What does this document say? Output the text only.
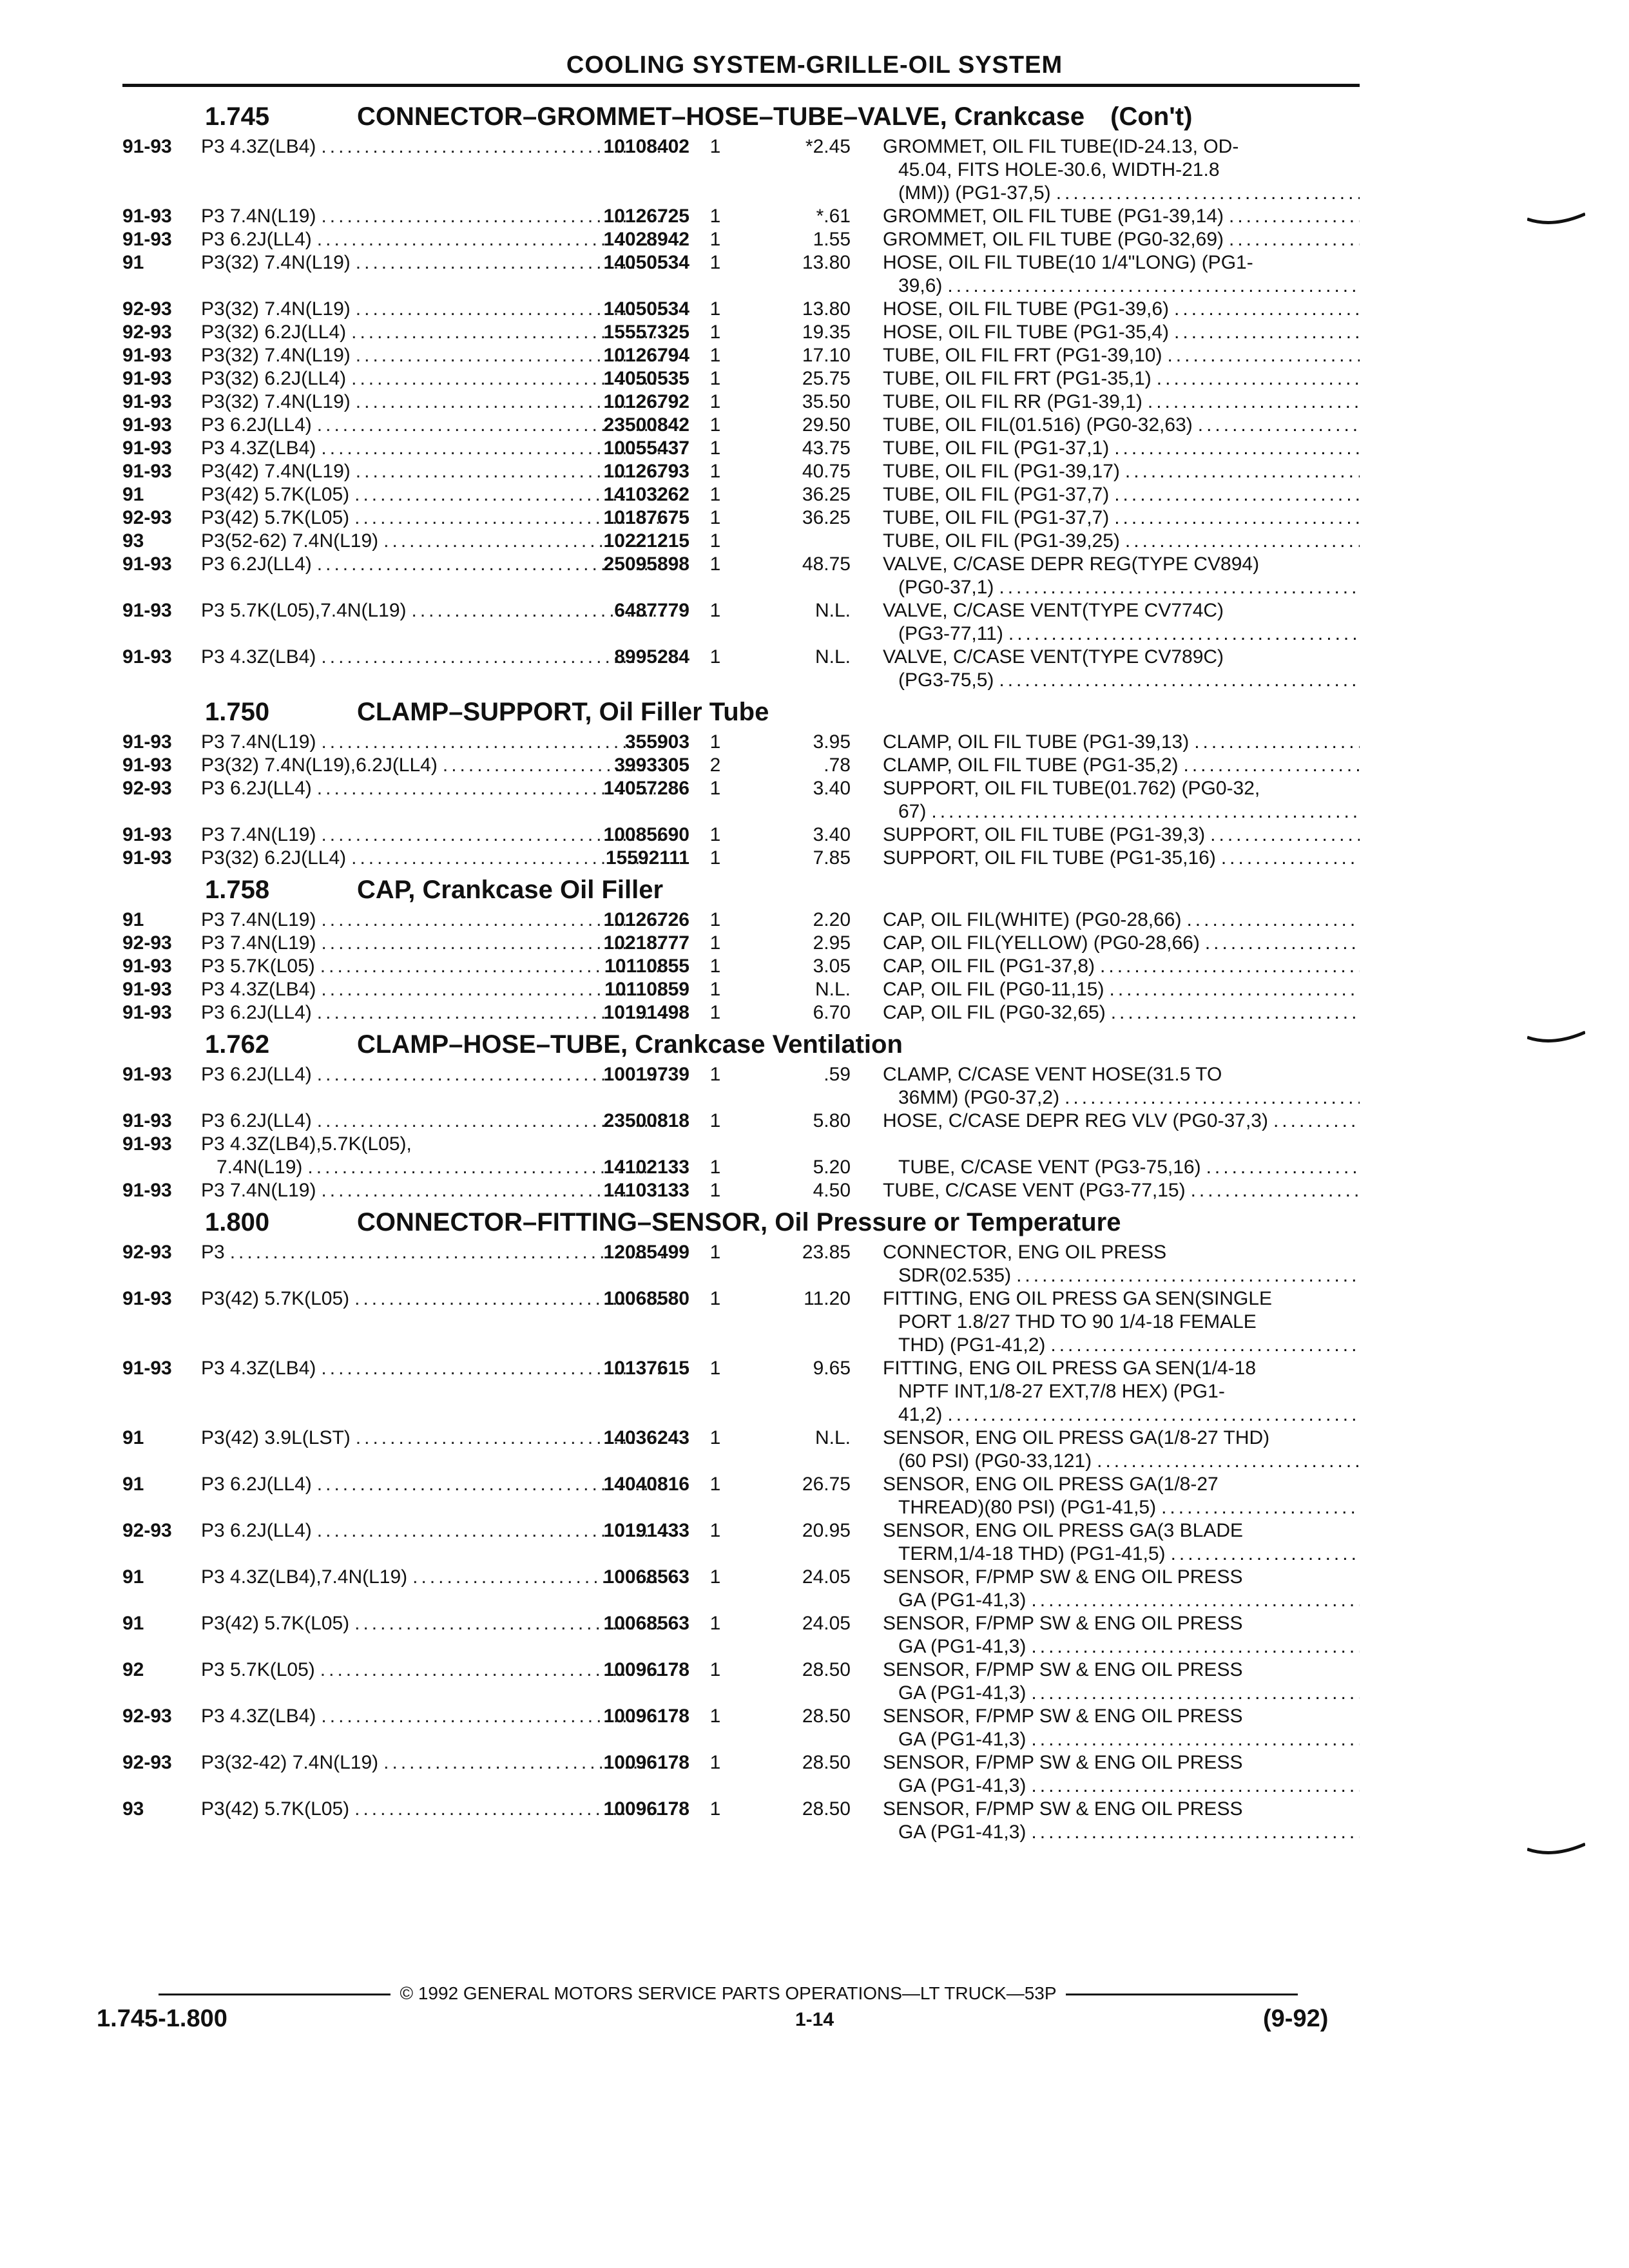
COOLING SYSTEM-GRILLE-OIL SYSTEM
1.745	CONNECTOR–GROMMET–HOSE–TUBE–VALVE, Crankcase (Con't)
91-93 P3 4.3Z(LB4) .....	10108402	1	*2.45 GROMMET, OIL FIL TUBE(ID-24.13, OD-
45.04, FITS HOLE-30.6, WIDTH-21.8
(MM)) (PG1-37,5)
.....
91-93 P3 7.4N(L19) .....	10126725	1	*.61 GROMMET, OIL FIL TUBE (PG1-39,14)
.....
91-93 P3 6.2J(LL4) .....	14028942	1	1.55 GROMMET, OIL FIL TUBE (PG0-32,69)
.....
91	P3(32) 7.4N(L19) .....	14050534	1	13.80 HOSE, OIL FIL TUBE(10 1/4"LONG) (PG1-
39,6)
.....
92-93 P3(32) 7.4N(L19) .....	14050534	1	13.80 HOSE, OIL FIL TUBE (PG1-39,6)
.....
92-93 P3(32) 6.2J(LL4) .....	15557325	1	19.35 HOSE, OIL FIL TUBE (PG1-35,4)
.....
91-93 P3(32) 7.4N(L19) .....	10126794	1	17.10 TUBE, OIL FIL FRT (PG1-39,10)
.....
91-93 P3(32) 6.2J(LL4) .....	14050535	1	25.75 TUBE, OIL FIL FRT (PG1-35,1)
.....
91-93 P3(32) 7.4N(L19) .....	10126792	1	35.50 TUBE, OIL FIL RR (PG1-39,1)
.....
91-93 P3 6.2J(LL4) .....	23500842	1	29.50 TUBE, OIL FIL(01.516) (PG0-32,63)
.....
91-93 P3 4.3Z(LB4) .....	10055437	1	43.75 TUBE, OIL FIL (PG1-37,1)
.....
91-93 P3(42) 7.4N(L19) .....	10126793	1	40.75 TUBE, OIL FIL (PG1-39,17)
.....
91	P3(42) 5.7K(L05) .....	14103262	1	36.25 TUBE, OIL FIL (PG1-37,7)
.....
92-93 P3(42) 5.7K(L05) .....	10187675	1	36.25 TUBE, OIL FIL (PG1-37,7)
.....
93	P3(52-62) 7.4N(L19) .....	10221215	1	TUBE, OIL FIL (PG1-39,25)
.....
91-93 P3 6.2J(LL4) .....	25095898	1	48.75 VALVE, C/CASE DEPR REG(TYPE CV894)
(PG0-37,1)
.....
91-93 P3 5.7K(L05),7.4N(L19) .....	6487779	1	N.L. VALVE, C/CASE VENT(TYPE CV774C)
(PG3-77,11)
.....
91-93 P3 4.3Z(LB4) .....	8995284	1	N.L. VALVE, C/CASE VENT(TYPE CV789C)
(PG3-75,5)
.....
1.750	CLAMP–SUPPORT, Oil Filler Tube
91-93 P3 7.4N(L19) .....	355903	1	3.95 CLAMP, OIL FIL TUBE (PG1-39,13)
.....
91-93 P3(32) 7.4N(L19),6.2J(LL4) .....	3993305	2	.78 CLAMP, OIL FIL TUBE (PG1-35,2)
.....
92-93 P3 6.2J(LL4) .....	14057286	1	3.40 SUPPORT, OIL FIL TUBE(01.762) (PG0-32,
67)
.....
91-93 P3 7.4N(L19) .....	10085690	1	3.40 SUPPORT, OIL FIL TUBE (PG1-39,3)
.....
91-93 P3(32) 6.2J(LL4) .....	15592111	1	7.85 SUPPORT, OIL FIL TUBE (PG1-35,16)
.....
1.758	CAP, Crankcase Oil Filler
91	P3 7.4N(L19) .....	10126726	1	2.20 CAP, OIL FIL(WHITE) (PG0-28,66)
.....
92-93 P3 7.4N(L19) .....	10218777	1	2.95 CAP, OIL FIL(YELLOW) (PG0-28,66)
.....
91-93 P3 5.7K(L05) .....	10110855	1	3.05 CAP, OIL FIL (PG1-37,8)
.....
91-93 P3 4.3Z(LB4) .....	10110859	1	N.L. CAP, OIL FIL (PG0-11,15)
.....
91-93 P3 6.2J(LL4) .....	10191498	1	6.70 CAP, OIL FIL (PG0-32,65)
.....
1.762	CLAMP–HOSE–TUBE, Crankcase Ventilation
91-93 P3 6.2J(LL4) .....	10019739	1	.59 CLAMP, C/CASE VENT HOSE(31.5 TO
36MM) (PG0-37,2)
.....
91-93 P3 6.2J(LL4) .....	23500818	1	5.80 HOSE, C/CASE DEPR REG VLV (PG0-37,3)
.....
91-93 P3 4.3Z(LB4),5.7K(L05),
7.4N(L19) .....	14102133	1	5.20 TUBE, C/CASE VENT (PG3-75,16)
.....
91-93 P3 7.4N(L19) .....	14103133	1	4.50 TUBE, C/CASE VENT (PG3-77,15)
.....
1.800	CONNECTOR–FITTING–SENSOR, Oil Pressure or Temperature
92-93 P3 .....	12085499	1	23.85 CONNECTOR, ENG OIL PRESS
SDR(02.535)
.....
91-93 P3(42) 5.7K(L05) .....	10068580	1	11.20 FITTING, ENG OIL PRESS GA SEN(SINGLE
PORT 1.8/27 THD TO 90 1/4-18 FEMALE
THD) (PG1-41,2)
.....
91-93 P3 4.3Z(LB4) .....	10137615	1	9.65 FITTING, ENG OIL PRESS GA SEN(1/4-18
NPTF INT,1/8-27 EXT,7/8 HEX) (PG1-
41,2)
.....
91	P3(42) 3.9L(LST) .....	14036243	1	N.L. SENSOR, ENG OIL PRESS GA(1/8-27 THD)
(60 PSI) (PG0-33,121)
.....
91	P3 6.2J(LL4) .....	14040816	1	26.75 SENSOR, ENG OIL PRESS GA(1/8-27
THREAD)(80 PSI) (PG1-41,5)
.....
92-93 P3 6.2J(LL4) .....	10191433	1	20.95 SENSOR, ENG OIL PRESS GA(3 BLADE
TERM,1/4-18 THD) (PG1-41,5)
.....
91	P3 4.3Z(LB4),7.4N(L19) .....	10068563	1	24.05 SENSOR, F/PMP SW & ENG OIL PRESS
GA (PG1-41,3)
.....
91	P3(42) 5.7K(L05) .....	10068563	1	24.05 SENSOR, F/PMP SW & ENG OIL PRESS
GA (PG1-41,3)
.....
92	P3 5.7K(L05) .....	10096178	1	28.50 SENSOR, F/PMP SW & ENG OIL PRESS
GA (PG1-41,3)
.....
92-93 P3 4.3Z(LB4) .....	10096178	1	28.50 SENSOR, F/PMP SW & ENG OIL PRESS
GA (PG1-41,3)
.....
92-93 P3(32-42) 7.4N(L19) .....	10096178	1	28.50 SENSOR, F/PMP SW & ENG OIL PRESS
GA (PG1-41,3)
.....
93	P3(42) 5.7K(L05) .....	10096178	1	28.50 SENSOR, F/PMP SW & ENG OIL PRESS
GA (PG1-41,3)
.....
© 1992 GENERAL MOTORS SERVICE PARTS OPERATIONS—LT TRUCK—53P
1.745-1.800	1-14	(9-92)
